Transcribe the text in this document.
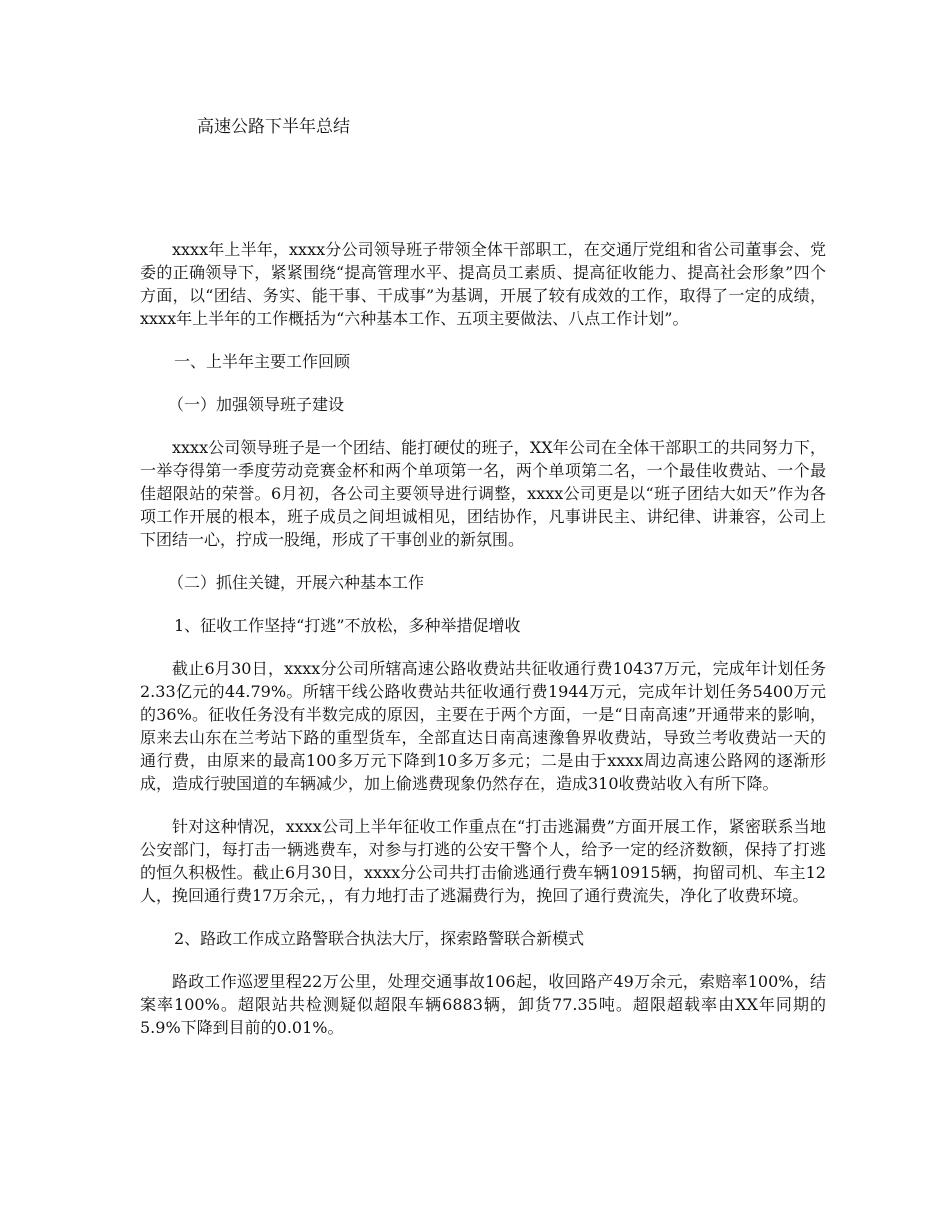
高速公路下半年总结

xxxx年上半年，xxxx分公司领导班子带领全体干部职工，在交通厅党组和省公司董事会、党委的正确领导下，紧紧围绕“提高管理水平、提高员工素质、提高征收能力、提高社会形象”四个方面，以“团结、务实、能干事、干成事”为基调，开展了较有成效的工作，取得了一定的成绩，xxxx年上半年的工作概括为“六种基本工作、五项主要做法、八点工作计划”。

一、上半年主要工作回顾

（一）加强领导班子建设

xxxx公司领导班子是一个团结、能打硬仗的班子，XX年公司在全体干部职工的共同努力下，一举夺得第一季度劳动竞赛金杯和两个单项第一名，两个单项第二名，一个最佳收费站、一个最佳超限站的荣誉。6月初，各公司主要领导进行调整，xxxx公司更是以“班子团结大如天”作为各项工作开展的根本，班子成员之间坦诚相见，团结协作，凡事讲民主、讲纪律、讲兼容，公司上下团结一心，拧成一股绳，形成了干事创业的新氛围。

（二）抓住关键，开展六种基本工作

1、征收工作坚持“打逃”不放松，多种举措促增收

截止6月30日，xxxx分公司所辖高速公路收费站共征收通行费10437万元，完成年计划任务2.33亿元的44.79%。所辖干线公路收费站共征收通行费1944万元，完成年计划任务5400万元的36%。征收任务没有半数完成的原因，主要在于两个方面，一是“日南高速”开通带来的影响，原来去山东在兰考站下路的重型货车，全部直达日南高速豫鲁界收费站，导致兰考收费站一天的通行费，由原来的最高100多万元下降到10多万多元；二是由于xxxx周边高速公路网的逐渐形成，造成行驶国道的车辆减少，加上偷逃费现象仍然存在，造成310收费站收入有所下降。

针对这种情况，xxxx公司上半年征收工作重点在“打击逃漏费”方面开展工作，紧密联系当地公安部门，每打击一辆逃费车，对参与打逃的公安干警个人，给予一定的经济数额，保持了打逃的恒久积极性。截止6月30日，xxxx分公司共打击偷逃通行费车辆10915辆，拘留司机、车主12人，挽回通行费17万余元，，有力地打击了逃漏费行为，挽回了通行费流失，净化了收费环境。

2、路政工作成立路警联合执法大厅，探索路警联合新模式

路政工作巡逻里程22万公里，处理交通事故106起，收回路产49万余元，索赔率100%，结案率100%。超限站共检测疑似超限车辆6883辆，卸货77.35吨。超限超载率由XX年同期的5.9%下降到目前的0.01%。
